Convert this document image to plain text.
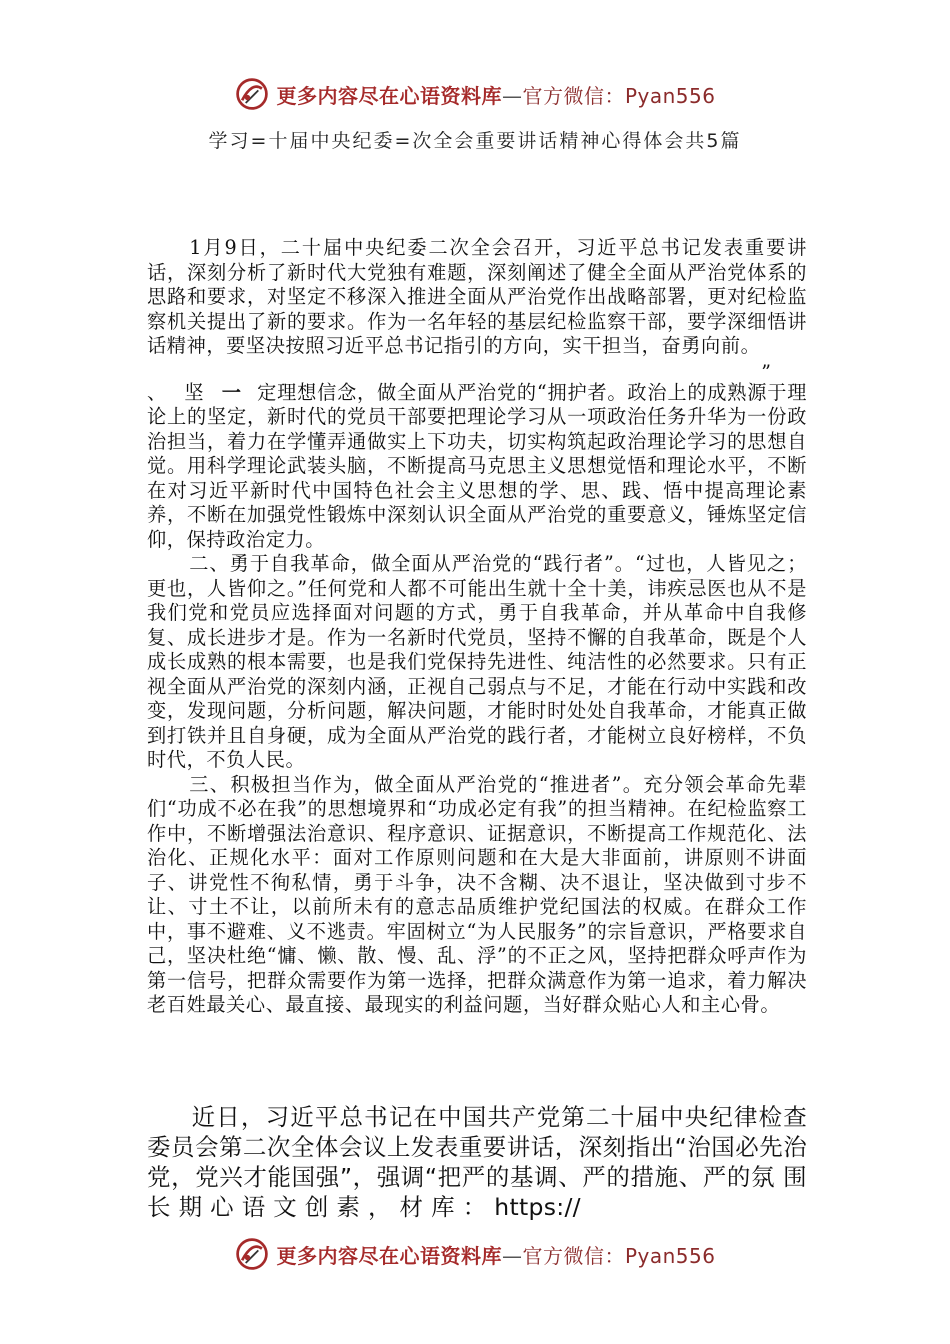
更多内容尽在心语资料库—官方微信：Pyan556
学习=十届中央纪委=次全会重要讲话精神心得体会共5篇

1月9日，二十届中央纪委二次全会召开，习近平总书记发表重要讲话，深刻分析了新时代大党独有难题，深刻阐述了健全全面从严治党体系的思路和要求，对坚定不移深入推进全面从严治党作出战略部署，更对纪检监察机关提出了新的要求。作为一名年轻的基层纪检监察干部，要学深细悟讲话精神，要坚决按照习近平总书记指引的方向，实干担当，奋勇向前。

”

、坚一 定理想信念，做全面从严治党的“拥护者。政治上的成熟源于理论上的坚定，新时代的党员干部要把理论学习从一项政治任务升华为一份政治担当，着力在学懂弄通做实上下功夫，切实构筑起政治理论学习的思想自觉。用科学理论武装头脑，不断提高马克思主义思想觉悟和理论水平，不断在对习近平新时代中国特色社会主义思想的学、思、践、悟中提高理论素养，不断在加强党性锻炼中深刻认识全面从严治党的重要意义，锤炼坚定信仰，保持政治定力。

二、勇于自我革命，做全面从严治党的“践行者”。“过也，人皆见之；更也，人皆仰之。”任何党和人都不可能出生就十全十美，讳疾忌医也从不是我们党和党员应选择面对问题的方式，勇于自我革命，并从革命中自我修复、成长进步才是。作为一名新时代党员，坚持不懈的自我革命，既是个人成长成熟的根本需要，也是我们党保持先进性、纯洁性的必然要求。只有正视全面从严治党的深刻内涵，正视自己弱点与不足，才能在行动中实践和改变，发现问题，分析问题，解决问题，才能时时处处自我革命，才能真正做到打铁并且自身硬，成为全面从严治党的践行者，才能树立良好榜样，不负时代，不负人民。

三、积极担当作为，做全面从严治党的“推进者”。充分领会革命先辈们“功成不必在我”的思想境界和“功成必定有我”的担当精神。在纪检监察工作中，不断增强法治意识、程序意识、证据意识，不断提高工作规范化、法治化、正规化水平：面对工作原则问题和在大是大非面前，讲原则不讲面子、讲党性不徇私情，勇于斗争，决不含糊、决不退让，坚决做到寸步不让、寸土不让，以前所未有的意志品质维护党纪国法的权威。在群众工作中，事不避难、义不逃责。牢固树立“为人民服务”的宗旨意识，严格要求自己，坚决杜绝“慵、懒、散、慢、乱、浮”的不正之风，坚持把群众呼声作为第一信号，把群众需要作为第一选择，把群众满意作为第一追求，着力解决老百姓最关心、最直接、最现实的利益问题，当好群众贴心人和主心骨。

近日，习近平总书记在中国共产党第二十届中央纪律检查委员会第二次全体会议上发表重要讲话，深刻指出“治国必先治党，党兴才能国强”，强调“把严的基调、严的措施、严的氛 围 长 期 心 语 文 创 素 ， 材 库 ： https://

更多内容尽在心语资料库—官方微信：Pyan556
